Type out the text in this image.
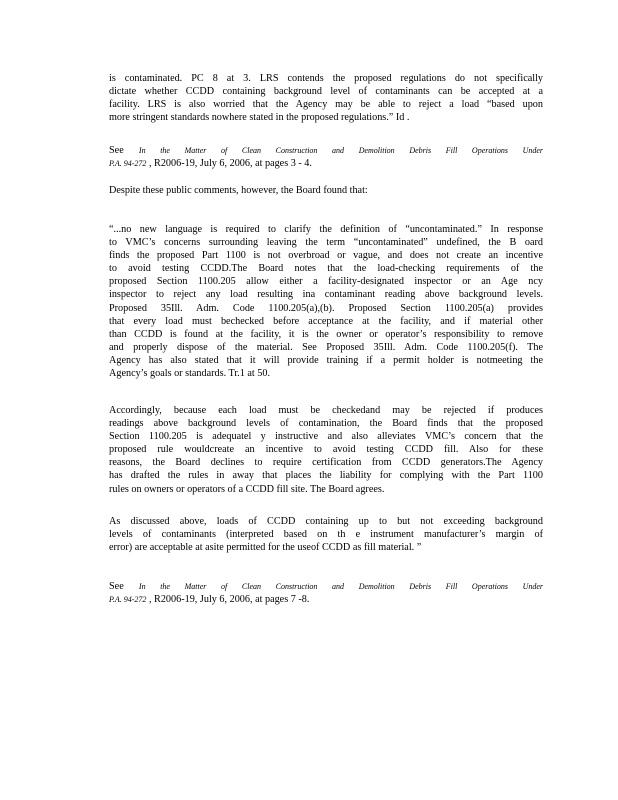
is contaminated. PC 8 at 3. LRS contends the proposed regulations do not specifically
dictate whether CCDD containing background level of contaminants can be accepted at a
facility. LRS is also worried that the Agency may be able to reject a load “based upon
more stringent standards nowhere stated in the proposed regulations.” Id .
See In the Matter of Clean Construction and Demolition Debris Fill Operations Under
P.A. 94-272 , R2006-19, July 6, 2006, at pages 3 - 4.
Despite these public comments, however, the Board found that:
“...no new language is required to clarify the definition of “uncontaminated.” In response
to VMC’s concerns surrounding leaving the term “uncontaminated” undefined, the B oard
finds the proposed Part 1100 is not overbroad or vague, and does not create an incentive
to avoid testing CCDD.The Board notes that the load-checking requirements of the
proposed Section 1100.205 allow either a facility-designated inspector or an Age ncy
inspector to reject any load resulting ina contaminant reading above background levels.
Proposed 35Ill. Adm. Code 1100.205(a),(b). Proposed Section 1100.205(a) provides
that every load must bechecked before acceptance at the facility, and if material other
than CCDD is found at the facility, it is the owner or operator’s responsibility to remove
and properly dispose of the material. See Proposed 35Ill. Adm. Code 1100.205(f). The
Agency has also stated that it will provide training if a permit holder is notmeeting the
Agency’s goals or standards. Tr.1 at 50.
Accordingly, because each load must be checkedand may be rejected if produces
readings above background levels of contamination, the Board finds that the proposed
Section 1100.205 is adequatel y instructive and also alleviates VMC’s concern that the
proposed rule wouldcreate an incentive to avoid testing CCDD fill. Also for these
reasons, the Board declines to require certification from CCDD generators.The Agency
has drafted the rules in away that places the liability for complying with the Part 1100
rules on owners or operators of a CCDD fill site. The Board agrees.
As discussed above, loads of CCDD containing up to but not exceeding background
levels of contaminants (interpreted based on th e instrument manufacturer’s margin of
error) are acceptable at asite permitted for the useof CCDD as fill material. ”
See In the Matter of Clean Construction and Demolition Debris Fill Operations Under
P.A. 94-272 , R2006-19, July 6, 2006, at pages 7 -8.
